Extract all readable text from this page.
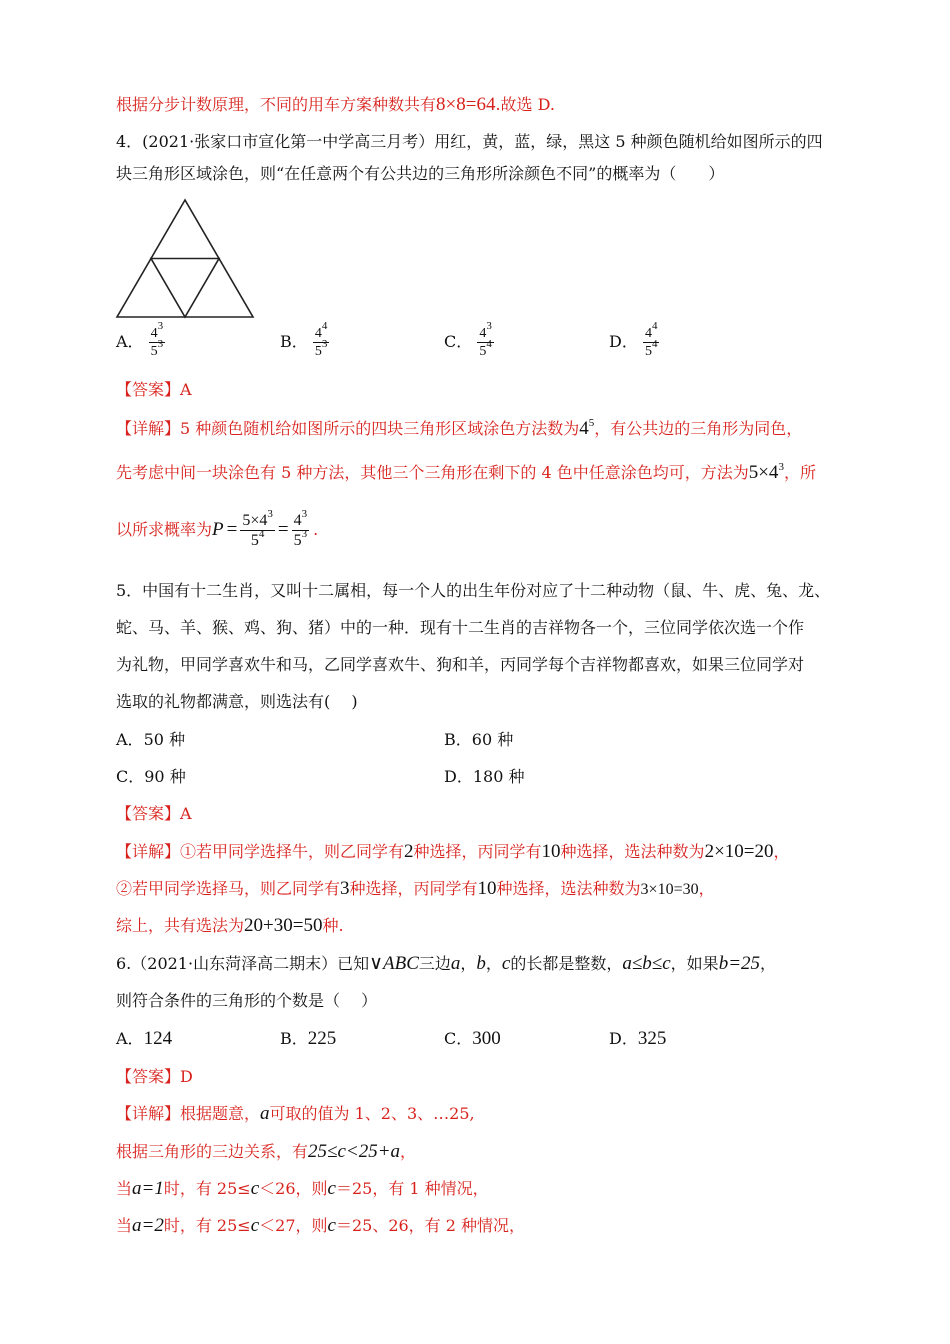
根据分步计数原理，不同的用车方案种数共有8×8=64.故选 D.
4．(2021·张家口市宣化第一中学高三月考）用红，黄，蓝，绿，黑这 5 种颜色随机给如图所示的四
块三角形区域涂色，则“在任意两个有公共边的三角形所涂颜色不同”的概率为（　　）
A． $\frac{4^3}{5^3}$	B． $\frac{4^4}{5^3}$	C． $\frac{4^3}{5^4}$	D． $\frac{4^4}{5^4}$
【答案】A
【详解】5 种颜色随机给如图所示的四块三角形区域涂色方法数为$4^5$，有公共边的三角形为同色，
先考虑中间一块涂色有 5 种方法，其他三个三角形在剩下的 4 色中任意涂色均可，方法为$5\times 4^3$，所
以所求概率为$P = \frac{5\times 4^3}{5^4} = \frac{4^3}{5^3}$ .
5．中国有十二生肖，又叫十二属相，每一个人的出生年份对应了十二种动物（鼠、牛、虎、兔、龙、
蛇、马、羊、猴、鸡、狗、猪）中的一种．现有十二生肖的吉祥物各一个，三位同学依次选一个作
为礼物，甲同学喜欢牛和马，乙同学喜欢牛、狗和羊，丙同学每个吉祥物都喜欢，如果三位同学对
选取的礼物都满意，则选法有(　 )
A．50 种	B．60 种
C．90 种	D．180 种
【答案】A
【详解】①若甲同学选择牛，则乙同学有2种选择，丙同学有10种选择，选法种数为2×10=20，
②若甲同学选择马，则乙同学有3种选择，丙同学有10种选择，选法种数为3×10=30，
综上，共有选法为20+30=50种.
6.（2021·山东菏泽高二期末）已知∨ABC三边a，b，c的长都是整数，a≤b≤c，如果b=25，
则符合条件的三角形的个数是（　 ）
A．124	B．225	C．300	D．325
【答案】D
【详解】根据题意，a可取的值为 1、2、3、…25,
根据三角形的三边关系，有25≤c<25+a，
当a=1时，有 25≤c＜26，则c＝25，有 1 种情况，
当a=2时，有 25≤c＜27，则c＝25、26，有 2 种情况，
